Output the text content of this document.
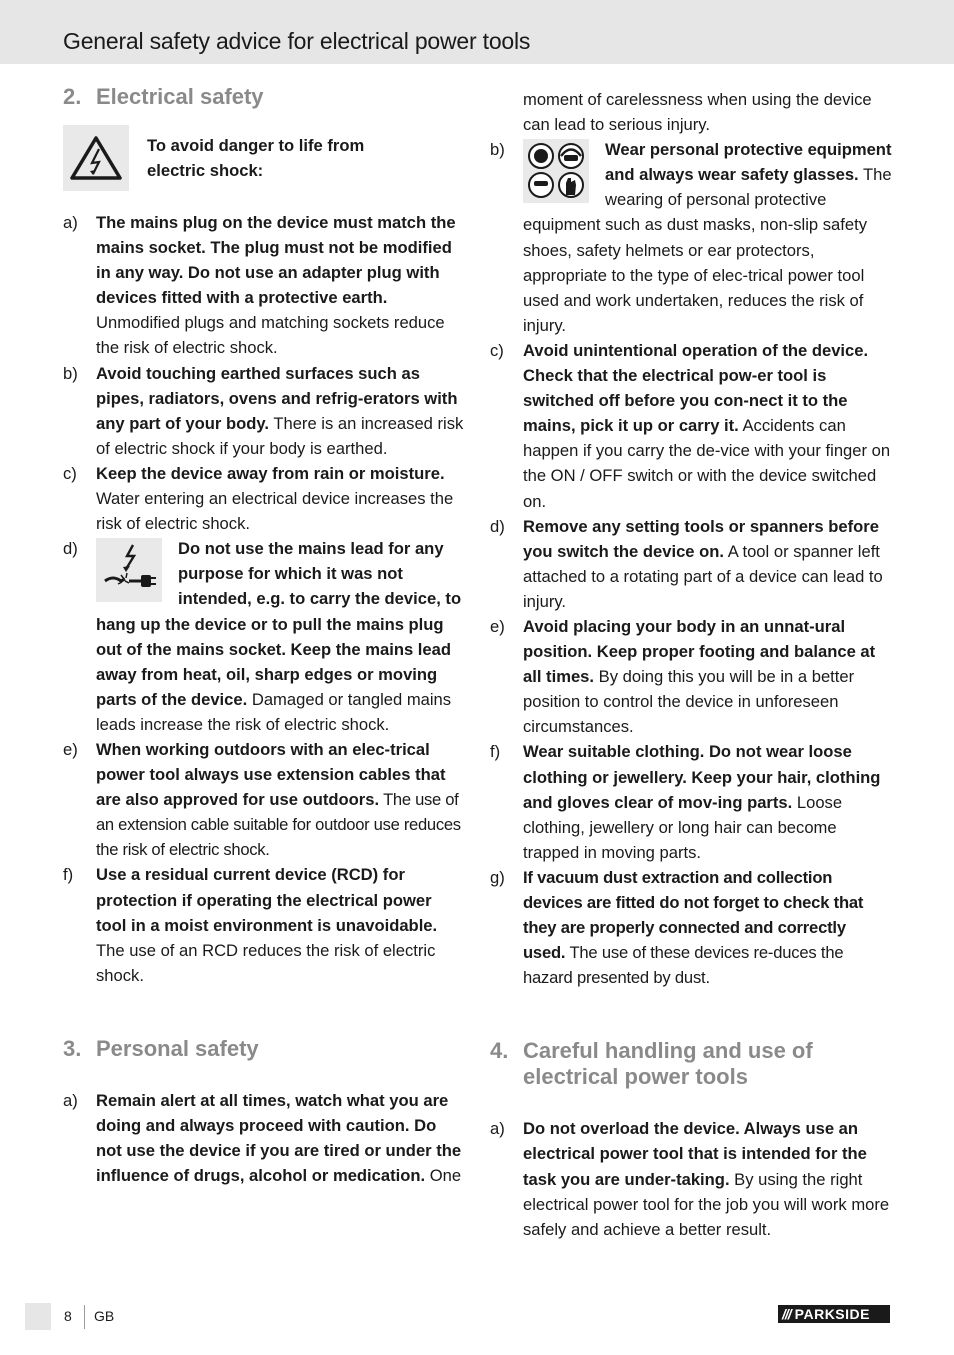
General safety advice for electrical power tools
2. Electrical safety
To avoid danger to life from electric shock:
a)	The mains plug on the device must match the mains socket. The plug must not be modified in any way. Do not use an adapter plug with devices fitted with a protective earth. Unmodified plugs and matching sockets reduce the risk of electric shock.
b)	Avoid touching earthed surfaces such as pipes, radiators, ovens and refrig-erators with any part of your body. There is an increased risk of electric shock if your body is earthed.
c)	Keep the device away from rain or moisture. Water entering an electrical device increases the risk of electric shock.
d)	Do not use the mains lead for any purpose for which it was not intended, e.g. to carry the device, to hang up the device or to pull the mains plug out of the mains socket. Keep the mains lead away from heat, oil, sharp edges or moving parts of the device. Damaged or tangled mains leads increase the risk of electric shock.
e)	When working outdoors with an elec-trical power tool always use extension cables that are also approved for use outdoors. The use of an extension cable suitable for outdoor use reduces the risk of electric shock.
f)	Use a residual current device (RCD) for protection if operating the electrical power tool in a moist environment is unavoidable. The use of an RCD reduces the risk of electric shock.
3. Personal safety
a)	Remain alert at all times, watch what you are doing and always proceed with caution. Do not use the device if you are tired or under the influence of drugs, alcohol or medication. One
moment of carelessness when using the device can lead to serious injury.
b)	Wear personal protective equipment and always wear safety glasses. The wearing of personal protective equipment such as dust masks, non-slip safety shoes, safety helmets or ear protectors, appropriate to the type of elec-trical power tool used and work undertaken, reduces the risk of injury.
c)	Avoid unintentional operation of the device. Check that the electrical pow-er tool is switched off before you con-nect it to the mains, pick it up or carry it. Accidents can happen if you carry the de-vice with your finger on the ON / OFF switch or with the device switched on.
d)	Remove any setting tools or spanners before you switch the device on. A tool or spanner left attached to a rotating part of a device can lead to injury.
e)	Avoid placing your body in an unnat-ural position. Keep proper footing and balance at all times. By doing this you will be in a better position to control the device in unforeseen circumstances.
f)	Wear suitable clothing. Do not wear loose clothing or jewellery. Keep your hair, clothing and gloves clear of mov-ing parts. Loose clothing, jewellery or long hair can become trapped in moving parts.
g)	If vacuum dust extraction and collection devices are fitted do not forget to check that they are properly connected and correctly used. The use of these devices re-duces the hazard presented by dust.
4. Careful handling and use of electrical power tools
a)	Do not overload the device. Always use an electrical power tool that is intended for the task you are under-taking. By using the right electrical power tool for the job you will work more safely and achieve a better result.
8 GB	/// PARKSIDE
